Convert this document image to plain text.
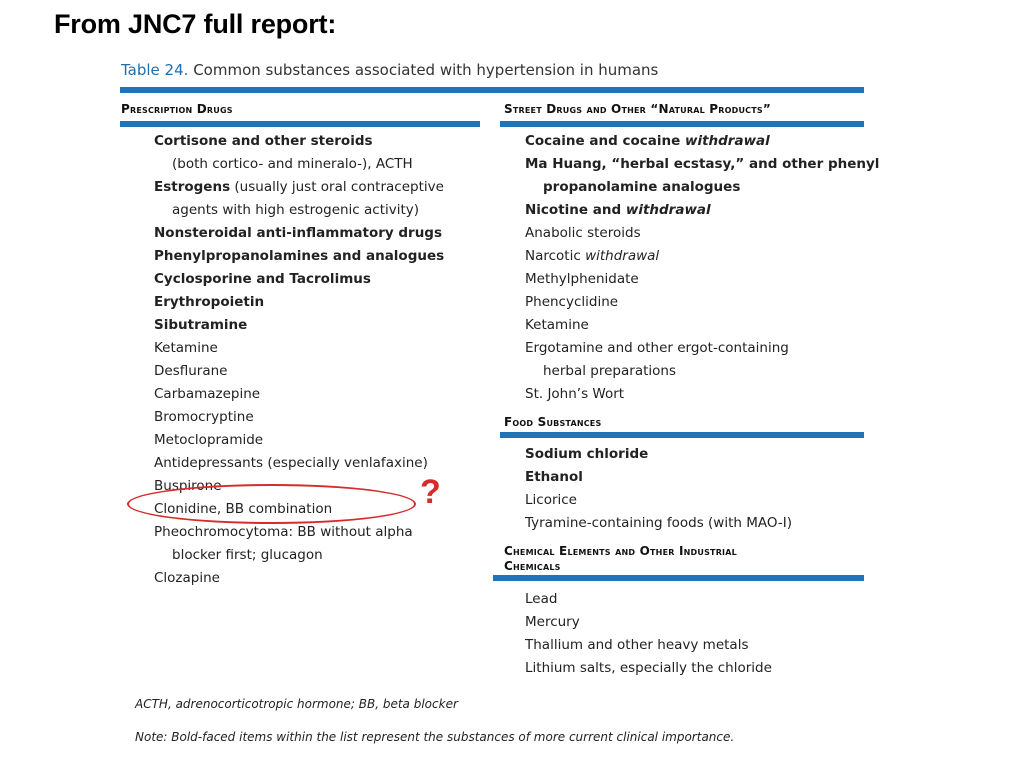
From JNC7 full report:
Table 24. Common substances associated with hypertension in humans
Prescription Drugs	Street Drugs and Other “Natural Products”
Cortisone and other steroids
(both cortico- and mineralo-), ACTH
Estrogens (usually just oral contraceptive
agents with high estrogenic activity)
Nonsteroidal anti-inflammatory drugs
Phenylpropanolamines and analogues
Cyclosporine and Tacrolimus
Erythropoietin
Sibutramine
Ketamine
Desflurane
Carbamazepine
Bromocryptine
Metoclopramide
Antidepressants (especially venlafaxine)
Buspirone
Clonidine, BB combination
Pheochromocytoma: BB without alpha
blocker first; glucagon
Clozapine
Cocaine and cocaine withdrawal
Ma Huang, “herbal ecstasy,” and other phenyl
propanolamine analogues
Nicotine and withdrawal
Anabolic steroids
Narcotic withdrawal
Methylphenidate
Phencyclidine
Ketamine
Ergotamine and other ergot-containing
herbal preparations
St. John’s Wort
Food Substances
Sodium chloride
Ethanol
Licorice
Tyramine-containing foods (with MAO-I)
Chemical Elements and Other Industrial
Chemicals
Lead
Mercury
Thallium and other heavy metals
Lithium salts, especially the chloride
ACTH, adrenocorticotropic hormone; BB, beta blocker
Note: Bold-faced items within the list represent the substances of more current clinical importance.
?
